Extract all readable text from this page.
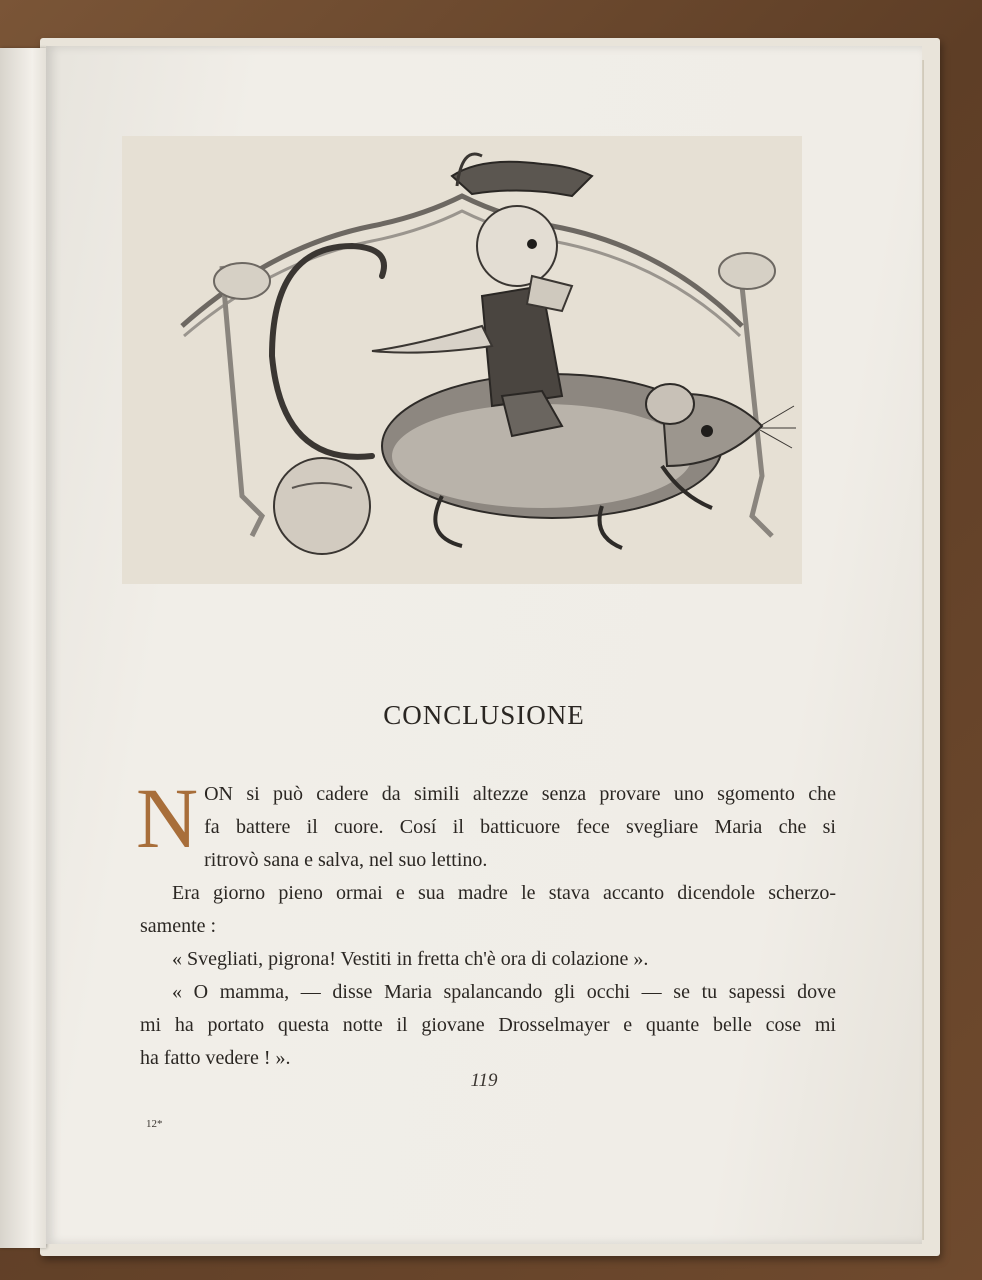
CONCLUSIONE
N ON si può cadere da simili altezze senza provare uno sgomento che
fa battere il cuore. Cosí il batticuore fece svegliare Maria che si
ritrovò sana e salva, nel suo lettino.
Era giorno pieno ormai e sua madre le stava accanto dicendole scherzo-
samente :
« Svegliati, pigrona! Vestiti in fretta ch'è ora di colazione ».
« O mamma, — disse Maria spalancando gli occhi — se tu sapessi dove
mi ha portato questa notte il giovane Drosselmayer e quante belle cose mi
ha fatto vedere ! ».
119
12*
